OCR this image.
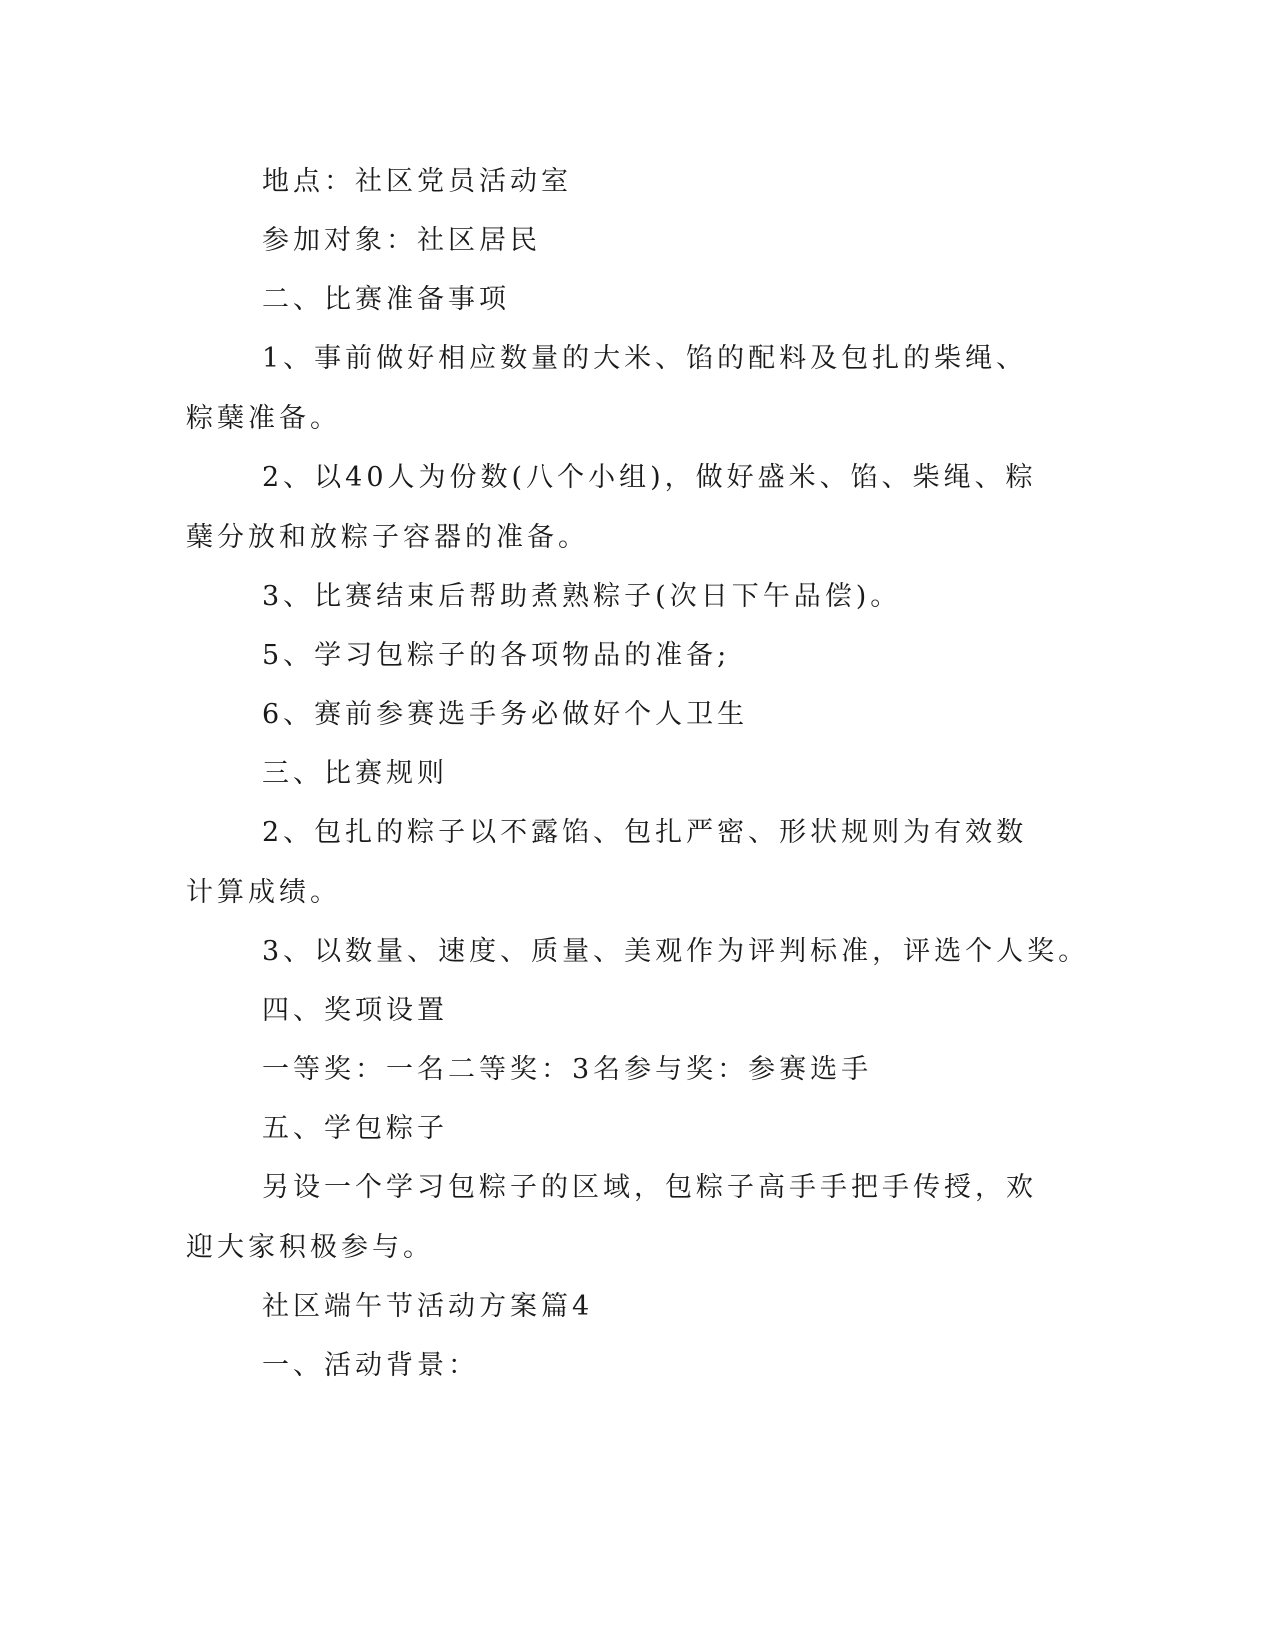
地点：社区党员活动室

参加对象：社区居民

二、比赛准备事项

1、事前做好相应数量的大米、馅的配料及包扎的柴绳、粽蘖准备。

2、以40人为份数(八个小组)，做好盛米、馅、柴绳、粽蘖分放和放粽子容器的准备。

3、比赛结束后帮助煮熟粽子(次日下午品偿)。

5、学习包粽子的各项物品的准备;

6、赛前参赛选手务必做好个人卫生

三、比赛规则

2、包扎的粽子以不露馅、包扎严密、形状规则为有效数计算成绩。

3、以数量、速度、质量、美观作为评判标准，评选个人奖。

四、奖项设置

一等奖：一名二等奖：3名参与奖：参赛选手

五、学包粽子

另设一个学习包粽子的区域，包粽子高手手把手传授，欢迎大家积极参与。

社区端午节活动方案篇4

一、活动背景：
